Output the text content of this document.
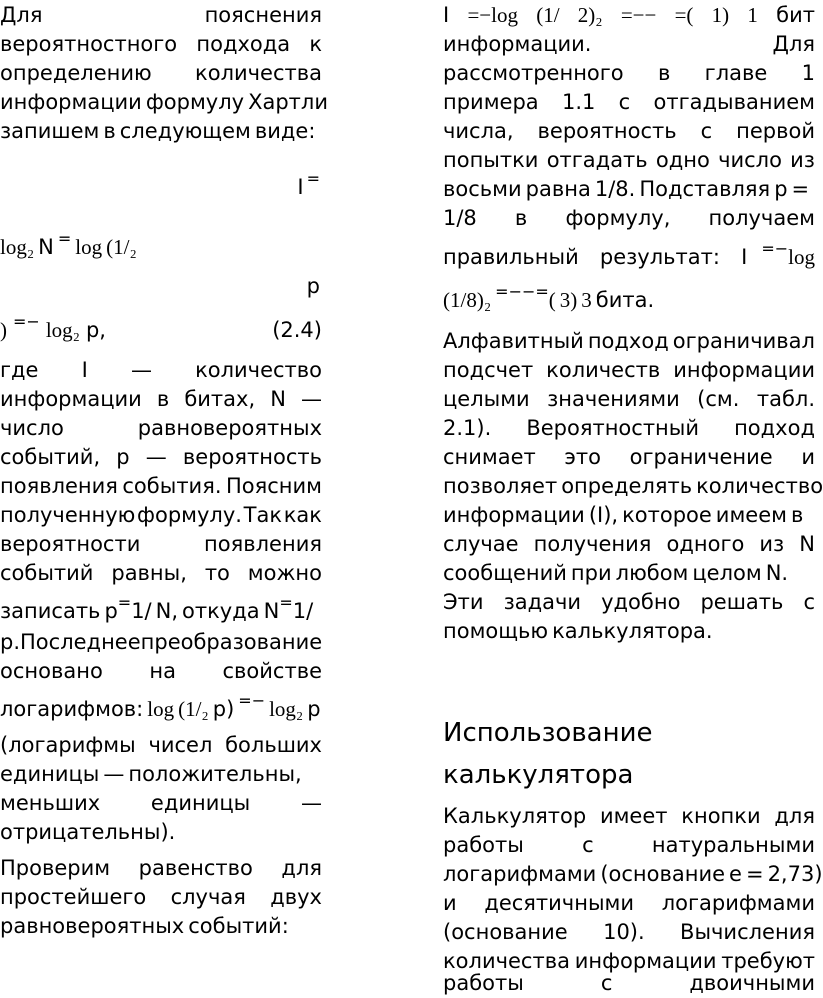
Для	пояснения
вероятностного подхода к
определению количества
информации формулу Хартли
запишем в следующем виде:
I =
log₂ N = log (1/₂
p
) =− log₂ p,	(2.4)
где I — количество
информации в битах, N —
число	равновероятных
событий, p — вероятность
появления события. Поясним
полученную формулу. Так как
вероятности	появления
событий равны, то можно
записать p = 1/ N, откуда N = 1/
p. Последнее преобразование
основано на свойстве
логарифмов: log (1/₂ p) =− log₂ p
(логарифмы чисел больших
единицы — положительны,
меньших единицы —
отрицательны).
Проверим равенство для
простейшего случая двух
равновероятных событий:
I =−log (1/ 2)₂ =−− =( 1) 1 бит
информации.	Для
рассмотренного в главе 1
примера 1.1 с отгадыванием
числа, вероятность с первой
попытки отгадать одно число из
восьми равна 1/8. Подставляя p =
1/8 в формулу, получаем
правильный результат: I =− log
(1/8)₂ =−− = ( 3) 3 бита.
Алфавитный подход ограничивал
подсчет количеств информации
целыми значениями (см. табл.
2.1). Вероятностный подход
снимает это ограничение и
позволяет определять количество
информации (I), которое имеем в
случае получения одного из N
сообщений при любом целом N.
Эти задачи удобно решать с
помощью калькулятора.
Использование
калькулятора
Калькулятор имеет кнопки для
работы	с	натуральными
логарифмами (основание e = 2,73)
и десятичными логарифмами
(основание 10). Вычисления
количества информации требуют
работы	с	двоичными
